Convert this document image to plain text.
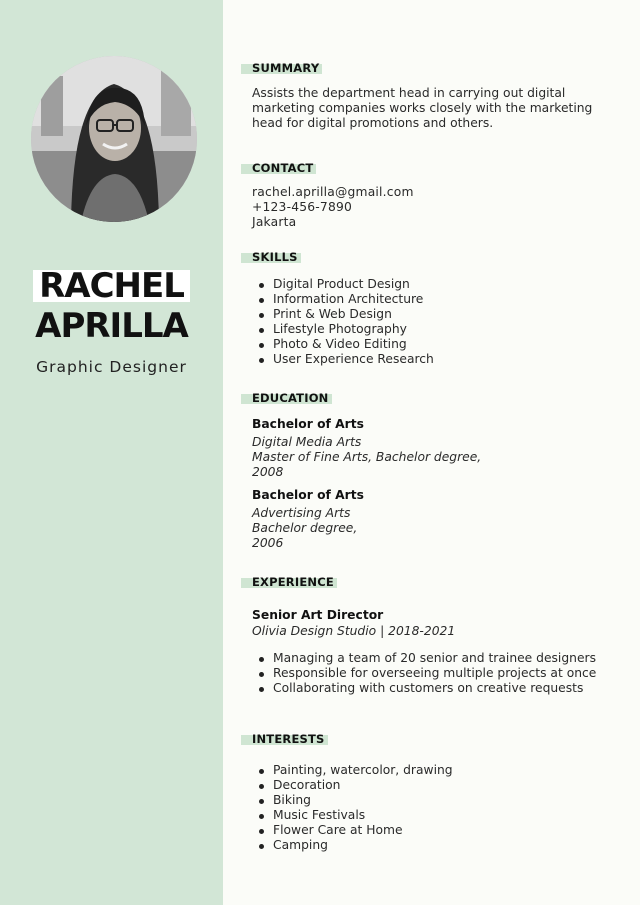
RACHEL
APRILLA
Graphic Designer
SUMMARY
Assists the department head in carrying out digital
marketing companies works closely with the marketing
head for digital promotions and others.
CONTACT
rachel.aprilla@gmail.com
+123-456-7890
Jakarta
SKILLS
Digital Product Design
Information Architecture
Print & Web Design
Lifestyle Photography
Photo & Video Editing
User Experience Research
EDUCATION
Bachelor of Arts
Digital Media Arts
Master of Fine Arts, Bachelor degree,
2008
Bachelor of Arts
Advertising Arts
Bachelor degree,
2006
EXPERIENCE
Senior Art Director
Olivia Design Studio | 2018-2021
Managing a team of 20 senior and trainee designers
Responsible for overseeing multiple projects at once
Collaborating with customers on creative requests
INTERESTS
Painting, watercolor, drawing
Decoration
Biking
Music Festivals
Flower Care at Home
Camping
